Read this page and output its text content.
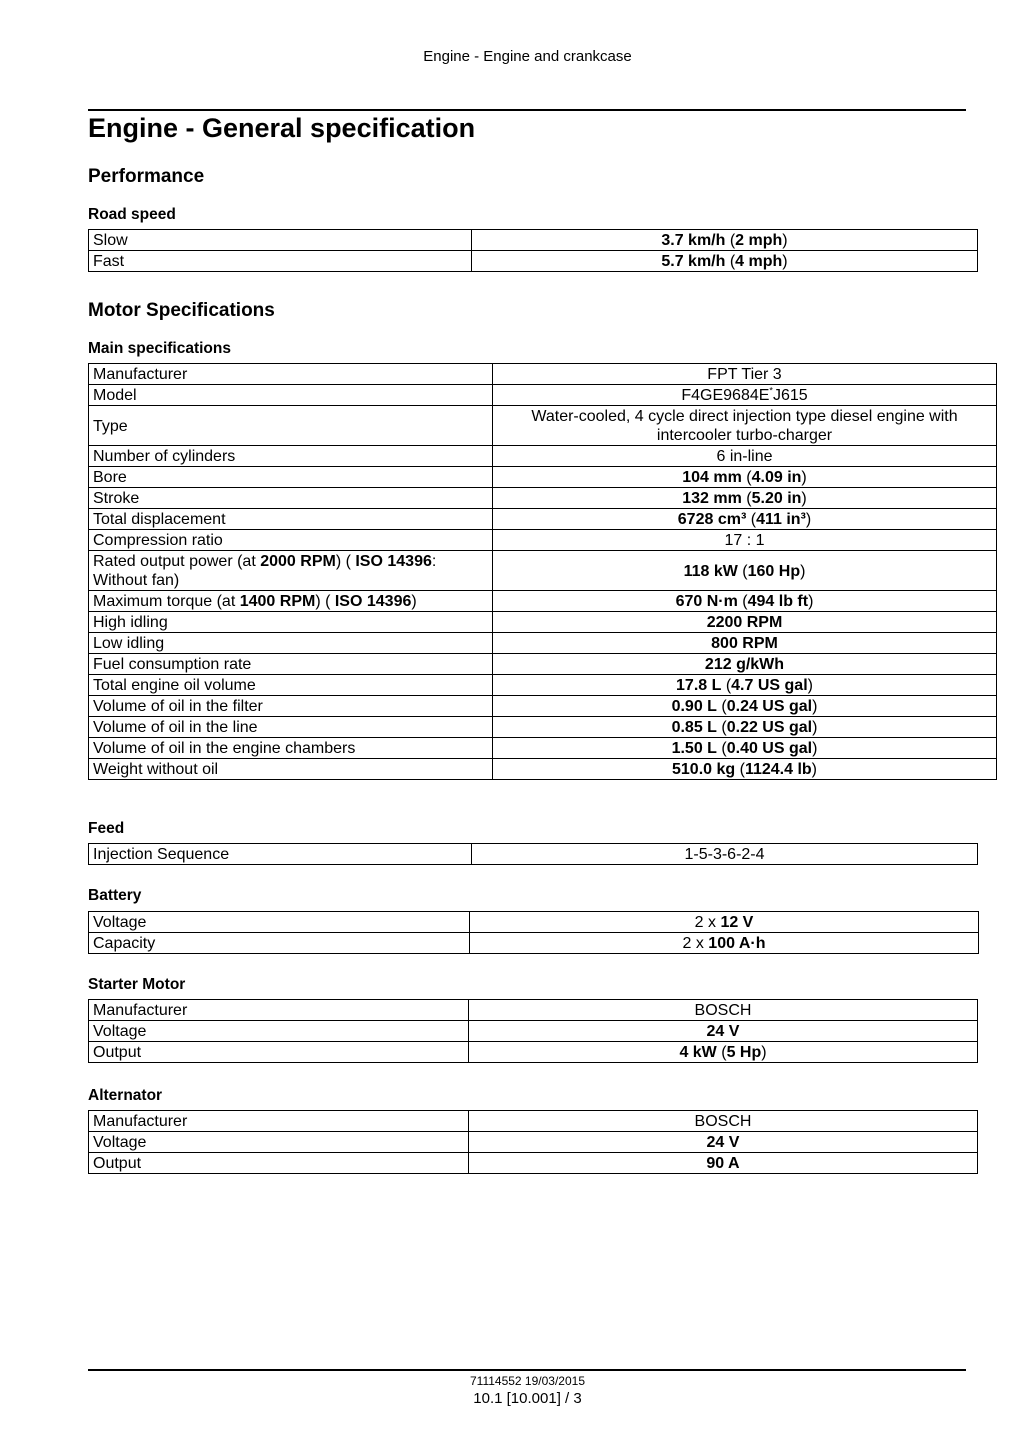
Engine - Engine and crankcase
Engine - General specification
Performance
Road speed
Slow	3.7 km/h (2 mph)
Fast	5.7 km/h (4 mph)
Motor Specifications
Main specifications
Manufacturer	FPT Tier 3
Model	F4GE9684E*J615
Type	Water-cooled, 4 cycle direct injection type diesel engine with intercooler turbo-charger
Number of cylinders	6 in-line
Bore	104 mm (4.09 in)
Stroke	132 mm (5.20 in)
Total displacement	6728 cm³ (411 in³)
Compression ratio	17 : 1
Rated output power (at 2000 RPM) ( ISO 14396: Without fan)	118 kW (160 Hp)
Maximum torque (at 1400 RPM) ( ISO 14396)	670 N·m (494 lb ft)
High idling	2200 RPM
Low idling	800 RPM
Fuel consumption rate	212 g/kWh
Total engine oil volume	17.8 L (4.7 US gal)
Volume of oil in the filter	0.90 L (0.24 US gal)
Volume of oil in the line	0.85 L (0.22 US gal)
Volume of oil in the engine chambers	1.50 L (0.40 US gal)
Weight without oil	510.0 kg (1124.4 lb)
Feed
Injection Sequence	1-5-3-6-2-4
Battery
Voltage	2 x 12 V
Capacity	2 x 100 A·h
Starter Motor
Manufacturer	BOSCH
Voltage	24 V
Output	4 kW (5 Hp)
Alternator
Manufacturer	BOSCH
Voltage	24 V
Output	90 A
71114552 19/03/2015
10.1 [10.001] / 3
